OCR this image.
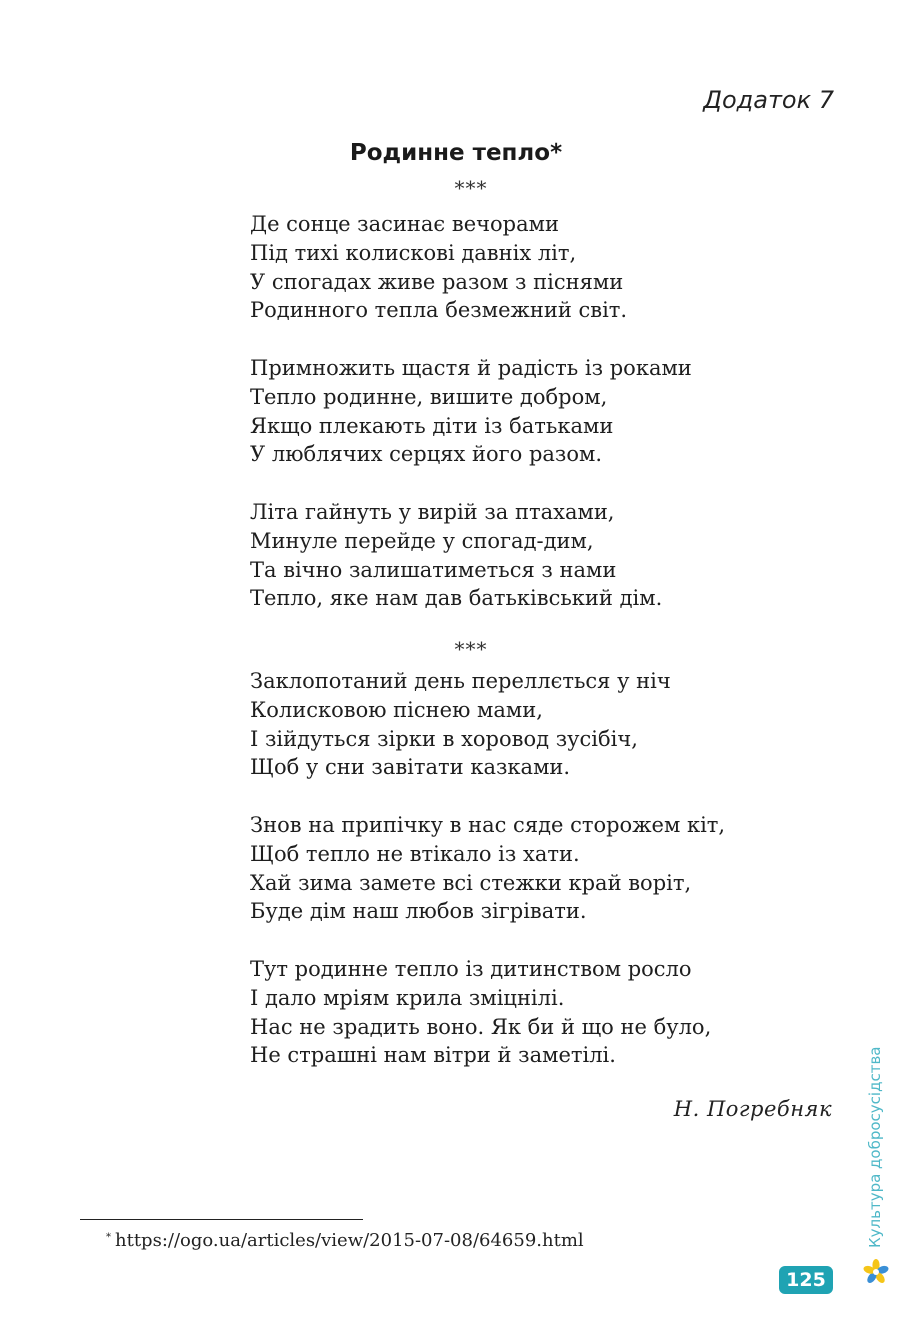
Додаток 7
Родинне тепло*
***
Де сонце засинає вечорами
Під тихі колискові давніх літ,
У спогадах живе разом з піснями
Родинного тепла безмежний світ.
Примножить щастя й радість із роками
Тепло родинне, вишите добром,
Якщо плекають діти із батьками
У люблячих серцях його разом.
Літа гайнуть у вирій за птахами,
Минуле перейде у спогад-дим,
Та вічно залишатиметься з нами
Тепло, яке нам дав батьківський дім.
***
Заклопотаний день переллється у ніч
Колисковою піснею мами,
І зійдуться зірки в хоровод зусібіч,
Щоб у сни завітати казками.
Знов на припічку в нас сяде сторожем кіт,
Щоб тепло не втікало із хати.
Хай зима замете всі стежки край воріт,
Буде дім наш любов зігрівати.
Тут родинне тепло із дитинством росло
І дало мріям крила зміцнілі.
Нас не зрадить воно. Як би й що не було,
Не страшні нам вітри й заметілі.
Н. Погребняк
* https://ogo.ua/articles/view/2015-07-08/64659.html	Культура добросусідства
125
